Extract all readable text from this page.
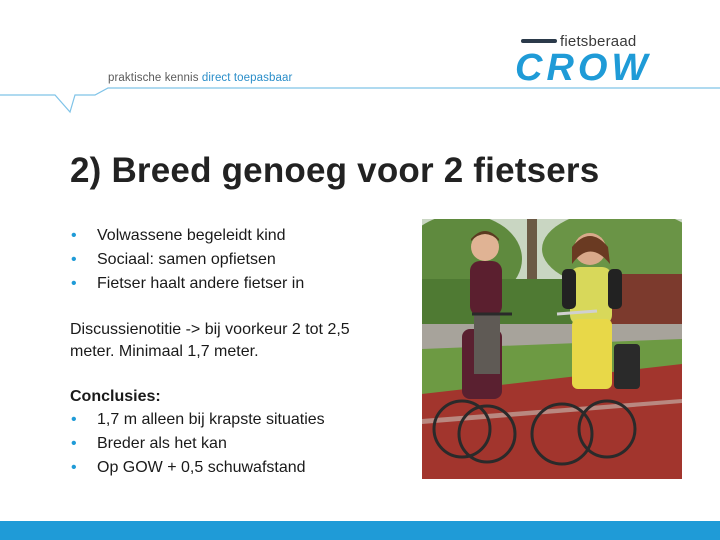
praktische kennis direct toepasbaar
fietsberaad
CROW
2) Breed genoeg voor 2 fietsers
• Volwassene begeleidt kind
• Sociaal: samen opfietsen
• Fietser haalt andere fietser in
Discussienotitie -> bij voorkeur 2 tot 2,5 meter. Minimaal 1,7 meter.
Conclusies:
• 1,7 m alleen bij krapste situaties
• Breder als het kan
• Op GOW + 0,5 schuwafstand
